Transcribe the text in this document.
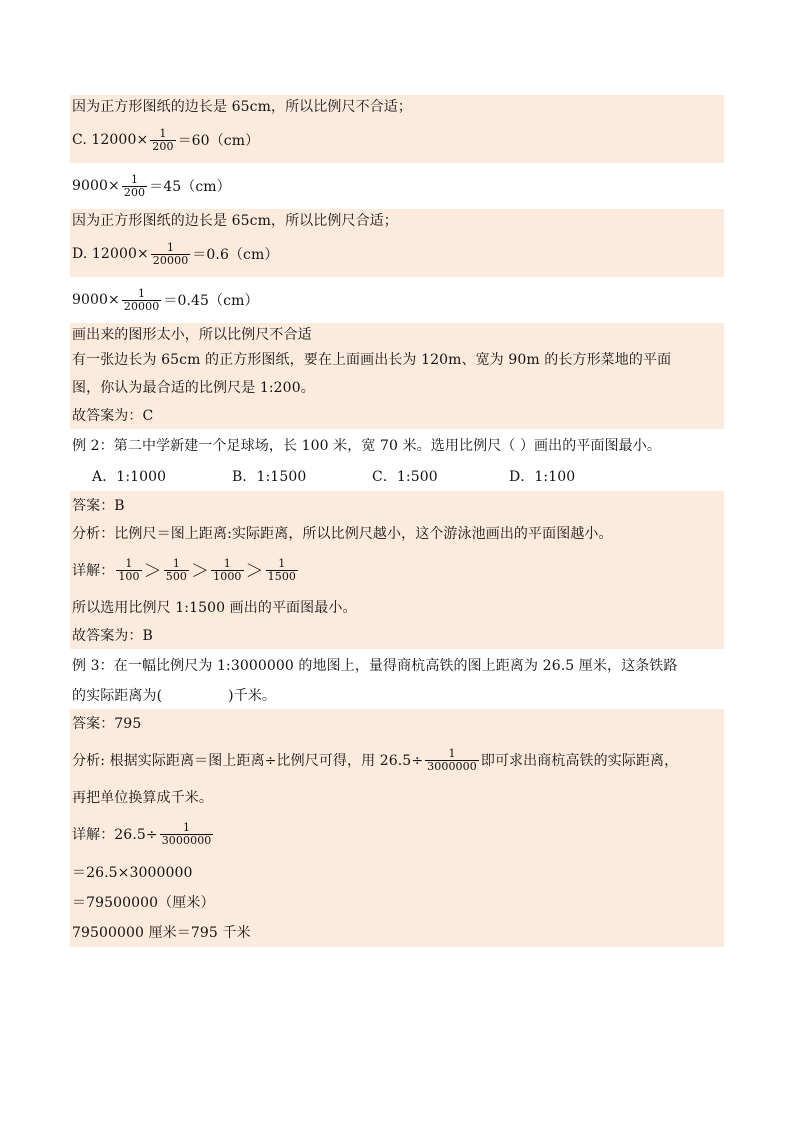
因为正方形图纸的边长是 65cm，所以比例尺不合适；
C. $12000\times \frac{1}{200} =60(cm)$
$9000\times \frac{1}{200} =45(cm)$
因为正方形图纸的边长是 65cm，所以比例尺合适；
D. $12000\times \frac{1}{20000} =0.6(cm)$
$9000\times \frac{1}{20000} =0.45(cm)$
画出来的图形太小，所以比例尺不合适
有一张边长为 65cm 的正方形图纸，要在上面画出长为 120m、宽为 90m 的长方形菜地的平面
图，你认为最合适的比例尺是 1:200。
故答案为：C
例 2：第二中学新建一个足球场，长 100 米，宽 70 米。选用比例尺（ ）画出的平面图最小。
A．1:1000	B．1:1500	C．1:500	D．1:100
答案：B
分析：比例尺＝图上距离:实际距离，所以比例尺越小，这个游泳池画出的平面图越小。
详解： $\frac{1}{100} > \frac{1}{500} > \frac{1}{1000} > \frac{1}{1500}$
所以选用比例尺 1:1500 画出的平面图最小。
故答案为：B
例 3：在一幅比例尺为 1:3000000 的地图上，量得商杭高铁的图上距离为 26.5 厘米，这条铁路
的实际距离为(	)千米。
答案：795
分析: 根据实际距离＝图上距离÷比例尺可得，用 $26.5\div \frac{1}{3000000}$ 即可求出商杭高铁的实际距离，
再把单位换算成千米。
详解：$26.5\div \frac{1}{3000000}$
＝26.5×3000000
＝79500000（厘米）
79500000 厘米＝795 千米
